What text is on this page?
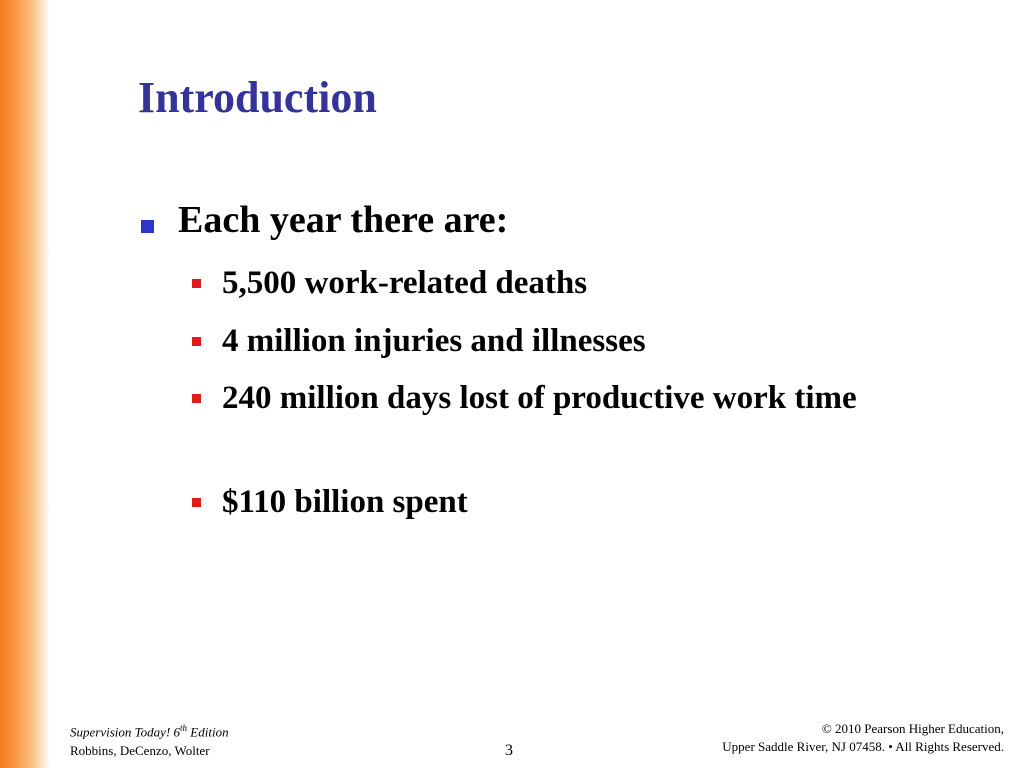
Introduction
Each year there are:
5,500 work-related deaths
4 million injuries and illnesses
240 million days lost of productive work time
$110 billion spent
Supervision Today! 6th Edition
Robbins, DeCenzo, Wolter	3
© 2010 Pearson Higher Education,
Upper Saddle River, NJ 07458. • All Rights Reserved.
